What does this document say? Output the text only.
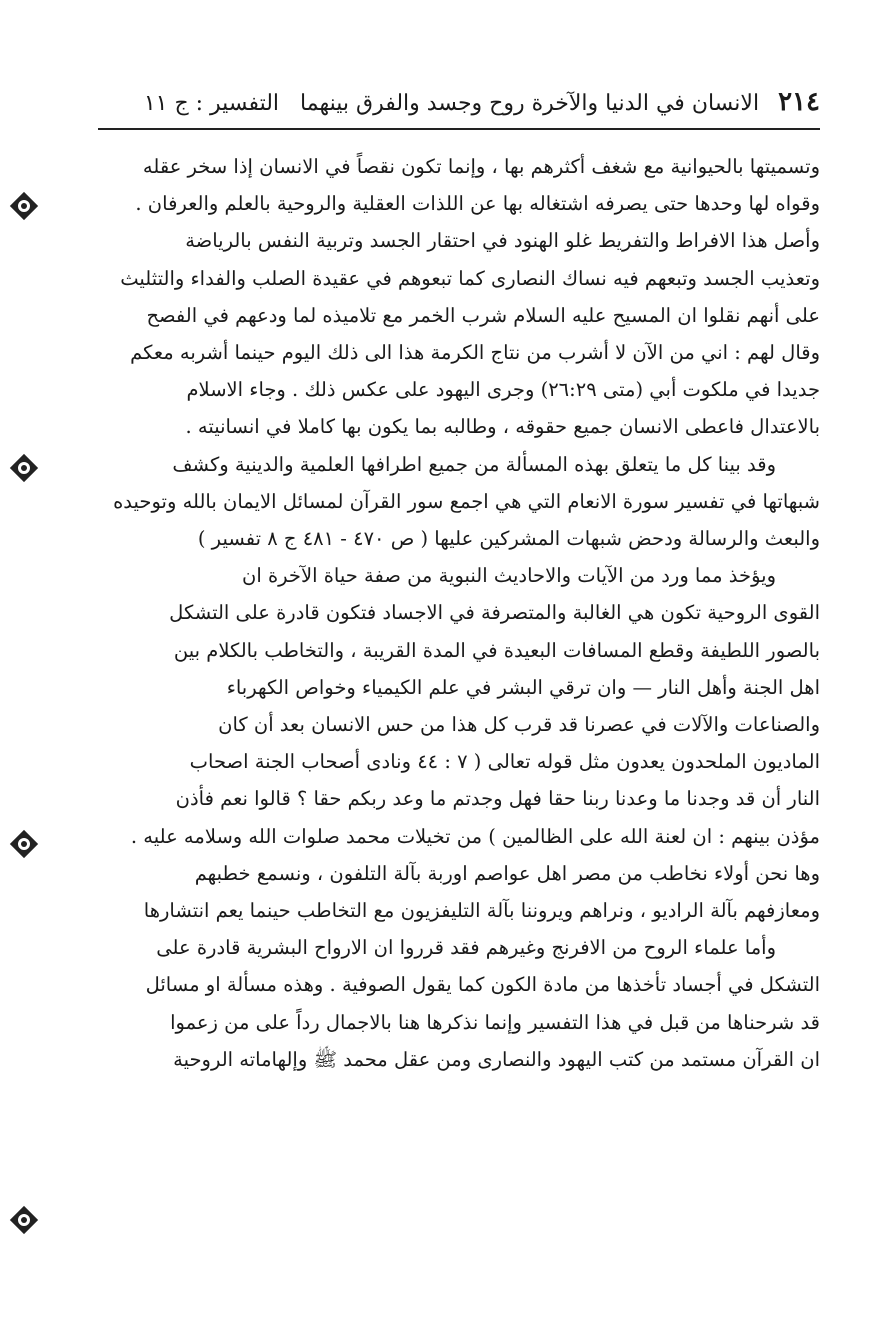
٢١٤ الانسان في الدنيا والآخرة روح وجسد والفرق بينهما التفسير : ج ١١

وتسميتها بالحيوانية مع شغف أكثرهم بها ، وإنما تكون نقصاً في الانسان إذا سخر عقله

وقواه لها وحدها حتى يصرفه اشتغاله بها عن اللذات العقلية والروحية بالعلم والعرفان .

وأصل هذا الافراط والتفريط غلو الهنود في احتقار الجسد وتربية النفس بالرياضة

وتعذيب الجسد وتبعهم فيه نساك النصارى كما تبعوهم في عقيدة الصلب والفداء والتثليث

على أنهم نقلوا ان المسيح عليه السلام شرب الخمر مع تلاميذه لما ودعهم في الفصح

وقال لهم : اني من الآن لا أشرب من نتاج الكرمة هذا الى ذلك اليوم حينما أشربه معكم

جديدا في ملكوت أبي (متى ٢٦:٢٩) وجرى اليهود على عكس ذلك . وجاء الاسلام

بالاعتدال فاعطى الانسان جميع حقوقه ، وطالبه بما يكون بها كاملا في انسانيته .

وقد بينا كل ما يتعلق بهذه المسألة من جميع اطرافها العلمية والدينية وكشف

شبهاتها في تفسير سورة الانعام التي هي اجمع سور القرآن لمسائل الايمان بالله وتوحيده

والبعث والرسالة ودحض شبهات المشركين عليها ( ص ٤٧٠ - ٤٨١ ج ٨ تفسير )

ويؤخذ مما ورد من الآيات والاحاديث النبوية من صفة حياة الآخرة ان

القوى الروحية تكون هي الغالبة والمتصرفة في الاجساد فتكون قادرة على التشكل

بالصور اللطيفة وقطع المسافات البعيدة في المدة القريبة ، والتخاطب بالكلام بين

اهل الجنة وأهل النار — وان ترقي البشر في علم الكيمياء وخواص الكهرباء

والصناعات والآلات في عصرنا قد قرب كل هذا من حس الانسان بعد أن كان

الماديون الملحدون يعدون مثل قوله تعالى ( ٧ : ٤٤ ونادى أصحاب الجنة اصحاب

النار أن قد وجدنا ما وعدنا ربنا حقا فهل وجدتم ما وعد ربكم حقا ؟ قالوا نعم فأذن

مؤذن بينهم : ان لعنة الله على الظالمين ) من تخيلات محمد صلوات الله وسلامه عليه .

وها نحن أولاء نخاطب من مصر اهل عواصم اوربة بآلة التلفون ، ونسمع خطبهم

ومعازفهم بآلة الراديو ، ونراهم ويروننا بآلة التليفزيون مع التخاطب حينما يعم انتشارها

وأما علماء الروح من الافرنج وغيرهم فقد قرروا ان الارواح البشرية قادرة على

التشكل في أجساد تأخذها من مادة الكون كما يقول الصوفية . وهذه مسألة او مسائل

قد شرحناها من قبل في هذا التفسير وإنما نذكرها هنا بالاجمال رداً على من زعموا

ان القرآن مستمد من كتب اليهود والنصارى ومن عقل محمد ﷺ وإلهاماته الروحية
